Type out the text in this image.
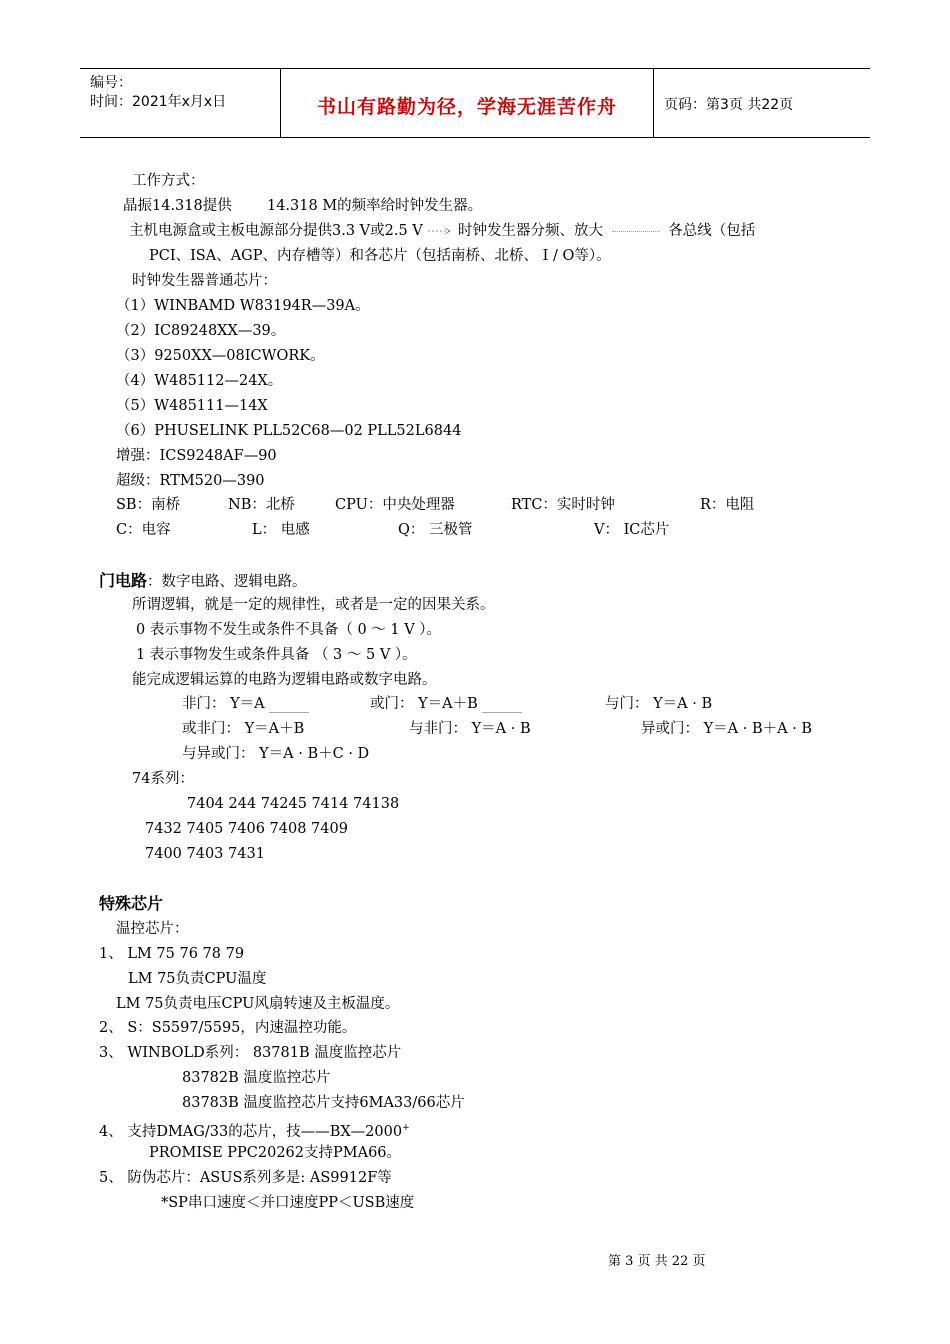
编号：
时间：2021年x月x日	书山有路勤为径，学海无涯苦作舟	页码：第3页 共22页
工作方式：
晶振14.318提供 14.318 M的频率给时钟发生器。
主机电源盒或主板电源部分提供3.3 V或2.5 V 时钟发生器分频、放大	各总线（包括
PCI、ISA、AGP、内存槽等）和各芯片（包括南桥、北桥、 I / O等）。
时钟发生器普通芯片：
（1）WINBAMD W83194R—39A。
（2）IC89248XX—39。
（3）9250XX—08ICWORK。
（4）W485112—24X。
（5）W485111—14X
（6）PHUSELINK PLL52C68—02 PLL52L6844
增强：ICS9248AF—90
超级：RTM520—390
SB：南桥	NB：北桥	CPU：中央处理器	RTC：实时时钟	R：电阻
C：电容	L： 电感	Q： 三极管	V： IC芯片
门电路：数字电路、逻辑电路。
所谓逻辑，就是一定的规律性，或者是一定的因果关系。
0 表示事物不发生或条件不具备（ 0 ～ 1 V ）。
1 表示事物发生或条件具备 （ 3 ～ 5 V ）。
能完成逻辑运算的电路为逻辑电路或数字电路。
非门： Y＝A	或门： Y＝A＋B	与门： Y＝A · B
或非门： Y＝A＋B	与非门： Y＝A · B	异或门： Y＝A · B＋A · B
与异或门： Y＝A · B＋C · D
74系列：
7404 244 74245 7414 74138
7432 7405 7406 7408 7409
7400 7403 7431
特殊芯片
温控芯片：
1、 LM 75 76 78 79
LM 75负责CPU温度
LM 75负责电压CPU风扇转速及主板温度。
2、 S：S5597/5595，内速温控功能。
3、 WINBOLD系列： 83781B 温度监控芯片
83782B 温度监控芯片
83783B 温度监控芯片支持6MA33/66芯片
4、 支持DMAG/33的芯片，技——BX—2000+
PROMISE PPC20262支持PMA66。
5、 防伪芯片：ASUS系列多是: AS9912F等
*SP串口速度＜并口速度PP＜USB速度
第 3 页 共 22 页
